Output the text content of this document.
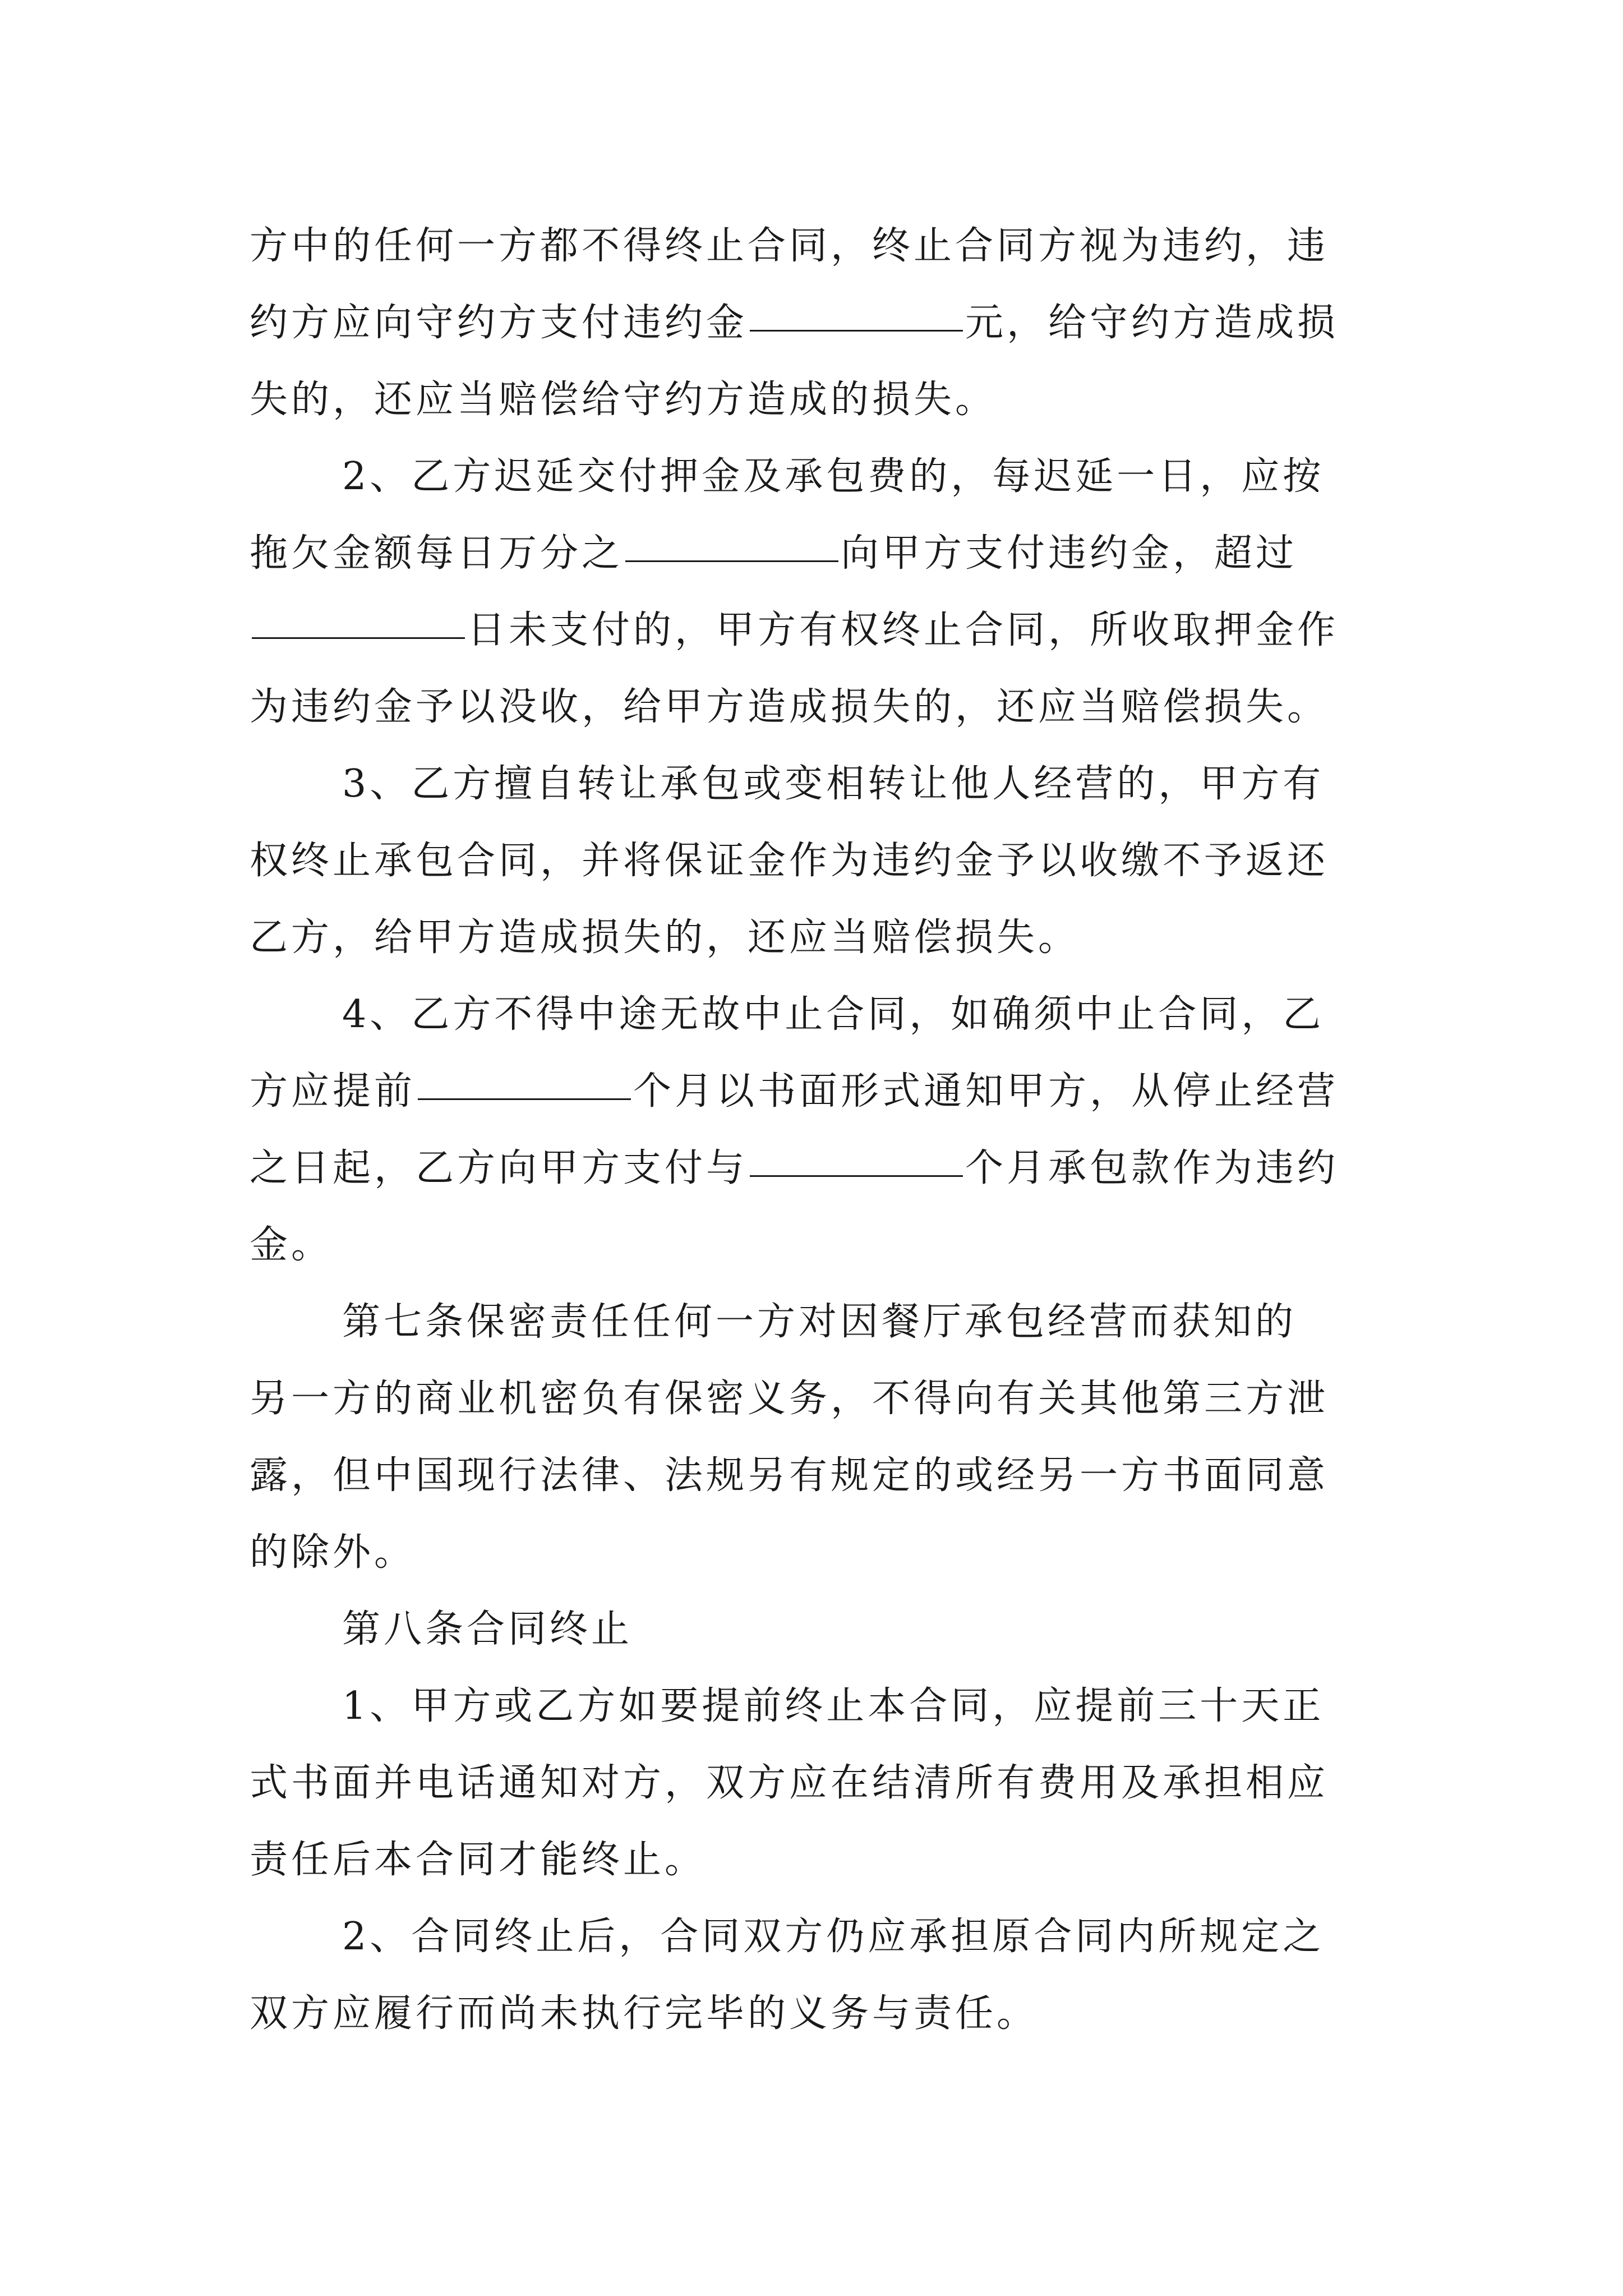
方中的任何一方都不得终止合同，终止合同方视为违约，违
约方应向守约方支付违约金	元，给守约方造成损
失的，还应当赔偿给守约方造成的损失。
2、乙方迟延交付押金及承包费的，每迟延一日，应按
拖欠金额每日万分之	向甲方支付违约金，超过
日未支付的，甲方有权终止合同，所收取押金作
为违约金予以没收，给甲方造成损失的，还应当赔偿损失。
3、乙方擅自转让承包或变相转让他人经营的，甲方有
权终止承包合同，并将保证金作为违约金予以收缴不予返还
乙方，给甲方造成损失的，还应当赔偿损失。
4、乙方不得中途无故中止合同，如确须中止合同，乙
方应提前	个月以书面形式通知甲方，从停止经营
之日起，乙方向甲方支付与	个月承包款作为违约
金。
第七条保密责任任何一方对因餐厅承包经营而获知的
另一方的商业机密负有保密义务，不得向有关其他第三方泄
露，但中国现行法律、法规另有规定的或经另一方书面同意
的除外。
第八条合同终止
1、甲方或乙方如要提前终止本合同，应提前三十天正
式书面并电话通知对方，双方应在结清所有费用及承担相应
责任后本合同才能终止。
2、合同终止后，合同双方仍应承担原合同内所规定之
双方应履行而尚未执行完毕的义务与责任。
